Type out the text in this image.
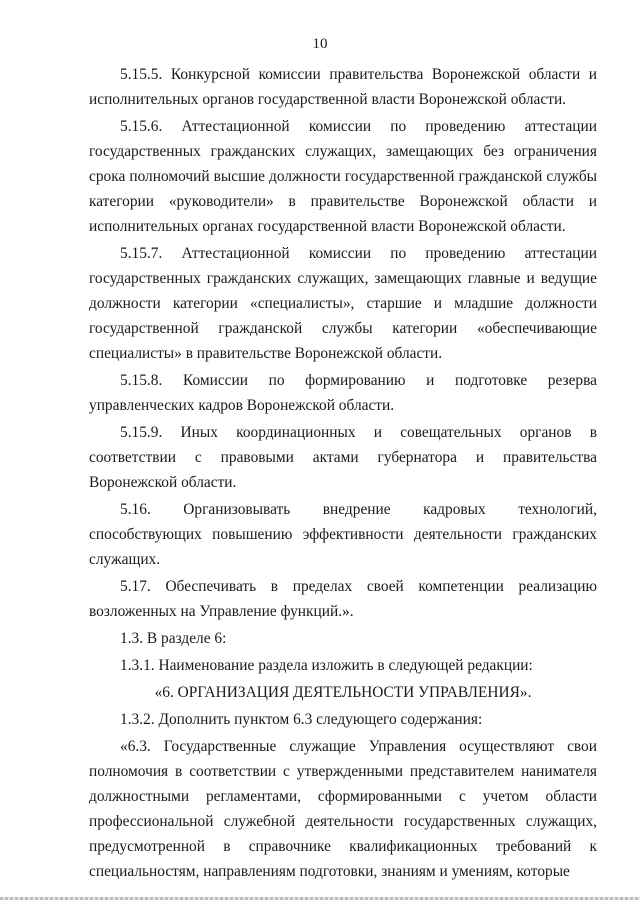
10

5.15.5. Конкурсной комиссии правительства Воронежской области и исполнительных органов государственной власти Воронежской области.

5.15.6. Аттестационной комиссии по проведению аттестации государственных гражданских служащих, замещающих без ограничения срока полномочий высшие должности государственной гражданской службы категории «руководители» в правительстве Воронежской области и исполнительных органах государственной власти Воронежской области.

5.15.7. Аттестационной комиссии по проведению аттестации государственных гражданских служащих, замещающих главные и ведущие должности категории «специалисты», старшие и младшие должности государственной гражданской службы категории «обеспечивающие специалисты» в правительстве Воронежской области.

5.15.8. Комиссии по формированию и подготовке резерва управленческих кадров Воронежской области.

5.15.9. Иных координационных и совещательных органов в соответствии с правовыми актами губернатора и правительства Воронежской области.

5.16. Организовывать внедрение кадровых технологий, способствующих повышению эффективности деятельности гражданских служащих.

5.17. Обеспечивать в пределах своей компетенции реализацию возложенных на Управление функций.».

1.3. В разделе 6:

1.3.1. Наименование раздела изложить в следующей редакции:

«6. ОРГАНИЗАЦИЯ ДЕЯТЕЛЬНОСТИ УПРАВЛЕНИЯ».

1.3.2. Дополнить пунктом 6.3 следующего содержания:

«6.3. Государственные служащие Управления осуществляют свои полномочия в соответствии с утвержденными представителем нанимателя должностными регламентами, сформированными с учетом области профессиональной служебной деятельности государственных служащих, предусмотренной в справочнике квалификационных требований к специальностям, направлениям подготовки, знаниям и умениям, которые
